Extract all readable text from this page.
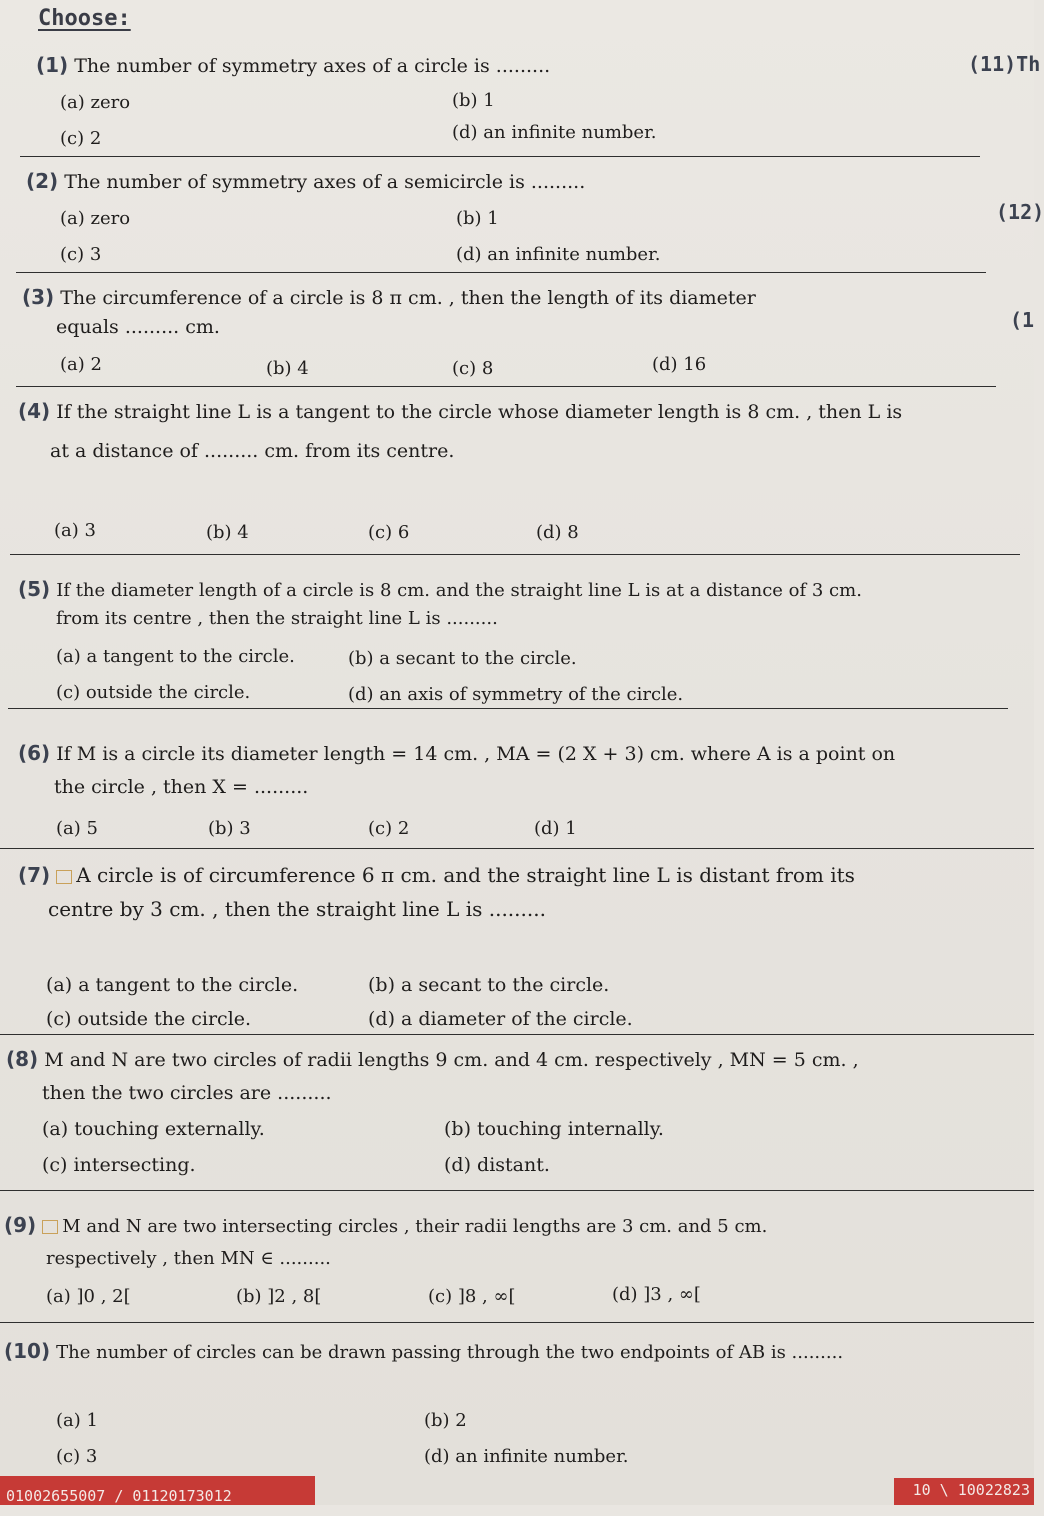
Choose:
(11)Th
(12)
(1
(1) The number of symmetry axes of a circle is .........
(a) zero	(b) 1
(c) 2	(d) an infinite number.
(2) The number of symmetry axes of a semicircle is .........
(a) zero	(b) 1
(c) 3	(d) an infinite number.
(3) The circumference of a circle is 8 π cm. , then the length of its diameter
equals ......... cm.
(a) 2	(b) 4	(c) 8	(d) 16
(4) If the straight line L is a tangent to the circle whose diameter length is 8 cm. , then L is
at a distance of ......... cm. from its centre.
(a) 3	(b) 4	(c) 6	(d) 8
(5) If the diameter length of a circle is 8 cm. and the straight line L is at a distance of 3 cm.
from its centre , then the straight line L is .........
(a) a tangent to the circle.	(b) a secant to the circle.
(c) outside the circle.	(d) an axis of symmetry of the circle.
(6) If M is a circle its diameter length = 14 cm. , MA = (2 X + 3) cm. where A is a point on
the circle , then X = .........
(a) 5	(b) 3	(c) 2	(d) 1
(7) A circle is of circumference 6 π cm. and the straight line L is distant from its
centre by 3 cm. , then the straight line L is .........
(a) a tangent to the circle.	(b) a secant to the circle.
(c) outside the circle.	(d) a diameter of the circle.
(8) M and N are two circles of radii lengths 9 cm. and 4 cm. respectively , MN = 5 cm. ,
then the two circles are .........
(a) touching externally.	(b) touching internally.
(c) intersecting.	(d) distant.
(9) M and N are two intersecting circles , their radii lengths are 3 cm. and 5 cm.
respectively , then MN ∈ .........
(a) ]0 , 2[	(b) ]2 , 8[	(c) ]8 , ∞[	(d) ]3 , ∞[
(10) The number of circles can be drawn passing through the two endpoints of AB is .........
(a) 1	(b) 2
(c) 3	(d) an infinite number.
01002655007 / 01120173012	10 \ 10022823
